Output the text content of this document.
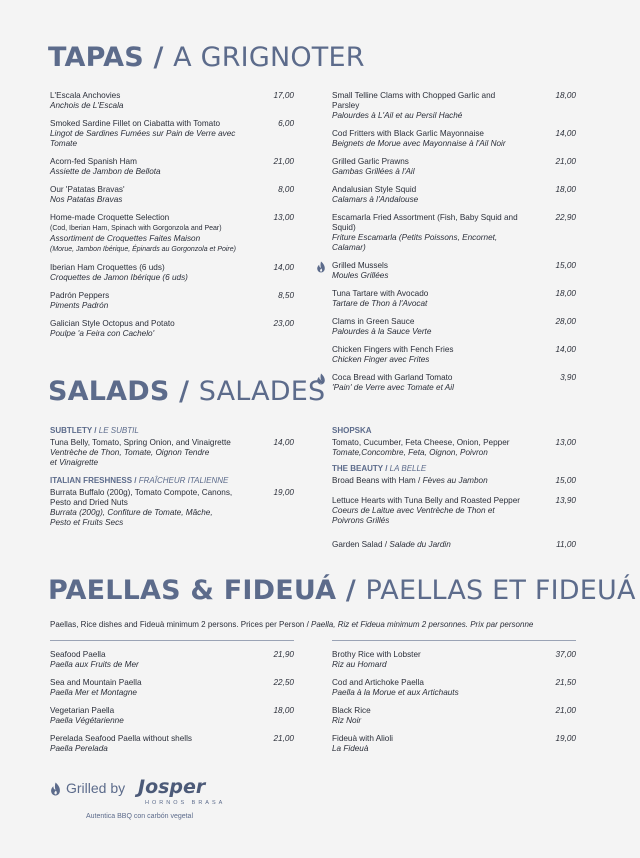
TAPAS / A GRIGNOTER
L'Escala Anchovies
Anchois de L'Escala
17,00
Smoked Sardine Fillet on Ciabatta with Tomato
Lingot de Sardines Fumées sur Pain de Verre avec Tomate
6,00
Acorn-fed Spanish Ham
Assiette de Jambon de Bellota
21,00
Our 'Patatas Bravas'
Nos Patatas Bravas
8,00
Home-made Croquette Selection
(Cod, Iberian Ham, Spinach with Gorgonzola and Pear)
Assortiment de Croquettes Faites Maison
(Morue, Jambon Ibérique, Épinards au Gorgonzola et Poire)
13,00
Iberian Ham Croquettes (6 uds)
Croquettes de Jamon Ibérique (6 uds)
14,00
Padrón Peppers
Piments Padrón
8,50
Galician Style Octopus and Potato
Poulpe 'a Feira con Cachelo'
23,00
Small Telline Clams with Chopped Garlic and Parsley
Palourdes à L'Ail et au Persil Haché
18,00
Cod Fritters with Black Garlic Mayonnaise
Beignets de Morue avec Mayonnaise à l'Ail Noir
14,00
Grilled Garlic Prawns
Gambas Grillées à l'Ail
21,00
Andalusian Style Squid
Calamars à l'Andalouse
18,00
Escamarla Fried Assortment (Fish, Baby Squid and Squid)
Friture Escamarla (Petits Poissons, Encornet, Calamar)
22,90
Grilled Mussels
Moules Grillées
15,00
Tuna Tartare with Avocado
Tartare de Thon à l'Avocat
18,00
Clams in Green Sauce
Palourdes à la Sauce Verte
28,00
Chicken Fingers with Fench Fries
Chicken Finger avec Frites
14,00
Coca Bread with Garland Tomato
'Pain' de Verre avec Tomate et Ail
3,90
SALADS / SALADES
SUBTLETY / LE SUBTIL
Tuna Belly, Tomato, Spring Onion, and Vinaigrette
Ventrèche de Thon, Tomate, Oignon Tendre
et Vinaigrette
14,00
ITALIAN FRESHNESS / FRAÎCHEUR ITALIENNE
Burrata Buffalo (200g), Tomato Compote, Canons,
Pesto and Dried Nuts
Burrata (200g), Confiture de Tomate, Mâche,
Pesto et Fruits Secs
19,00
SHOPSKA
Tomato, Cucumber, Feta Cheese, Onion, Pepper
Tomate,Concombre, Feta, Oignon, Poivron
13,00
THE BEAUTY / LA BELLE
Broad Beans with Ham / Fèves au Jambon	15,00
Lettuce Hearts with Tuna Belly and Roasted Pepper
Coeurs de Laitue avec Ventrèche de Thon et
Poivrons Grillés
13,90
Garden Salad / Salade du Jardin	11,00
PAELLAS & FIDEUÁ / PAELLAS ET FIDEUÁ
Paellas, Rice dishes and Fideuà minimum 2 persons. Prices per Person / Paella, Riz et Fideua minimum 2 personnes. Prix par personne
Seafood Paella
Paella aux Fruits de Mer
21,90
Sea and Mountain Paella
Paella Mer et Montagne
22,50
Vegetarian Paella
Paella Végétarienne
18,00
Perelada Seafood Paella without shells
Paella Perelada
21,00
Brothy Rice with Lobster
Riz au Homard
37,00
Cod and Artichoke Paella
Paella à la Morue et aux Artichauts
21,50
Black Rice
Riz Noir
21,00
Fideuà with Alioli
La Fideuà
19,00
Grilled by Josper
HORNOS BRASA
Autentica BBQ con carbón vegetal
